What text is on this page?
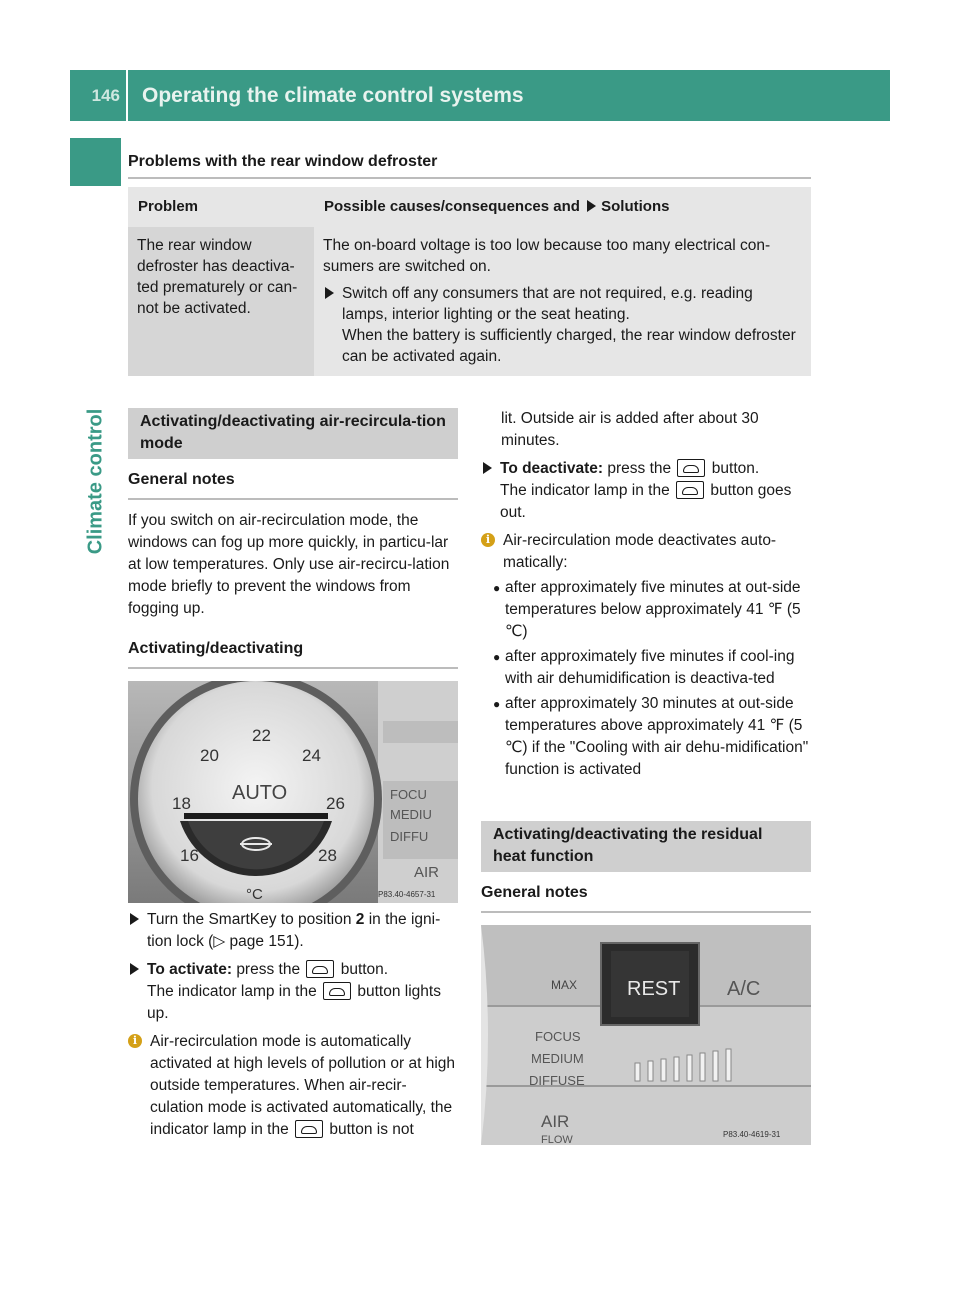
146 Operating the climate control systems
Climate control
Problems with the rear window defroster
Problem	Possible causes/consequences and Solutions
The rear window defroster has deactiva-ted prematurely or can-not be activated.	The on-board voltage is too low because too many electrical con-sumers are switched on.
Switch off any consumers that are not required, e.g. reading lamps, interior lighting or the seat heating.
When the battery is sufficiently charged, the rear window defroster can be activated again.
Activating/deactivating air-recircula-tion mode
General notes
If you switch on air-recirculation mode, the windows can fog up more quickly, in particu-lar at low temperatures. Only use air-recircu-lation mode briefly to prevent the windows from fogging up.
Activating/deactivating
22
20	24
18	26
16	28
AUTO
°C
FOCU
MEDIU
DIFFU
AIR
P83.40-4657-31
Turn the SmartKey to position 2 in the igni-tion lock (▷ page 151).
To activate: press the	button.
The indicator lamp in the	button lights up.
i Air-recirculation mode is automatically activated at high levels of pollution or at high outside temperatures. When air-recir-culation mode is activated automatically, the indicator lamp in the	button is not
lit. Outside air is added after about 30 minutes.
To deactivate: press the	button.
The indicator lamp in the	button goes out.
i Air-recirculation mode deactivates auto-matically:
● after approximately five minutes at out-side temperatures below approximately 41 ℉ (5 ℃)
● after approximately five minutes if cool-ing with air dehumidification is deactiva-ted
● after approximately 30 minutes at out-side temperatures above approximately 41 ℉ (5 ℃) if the "Cooling with air dehu-midification" function is activated
Activating/deactivating the residual heat function
General notes
MAX REST A/C
FOCUS
MEDIUM
DIFFUSE
AIR
FLOW	P83.40-4619-31
